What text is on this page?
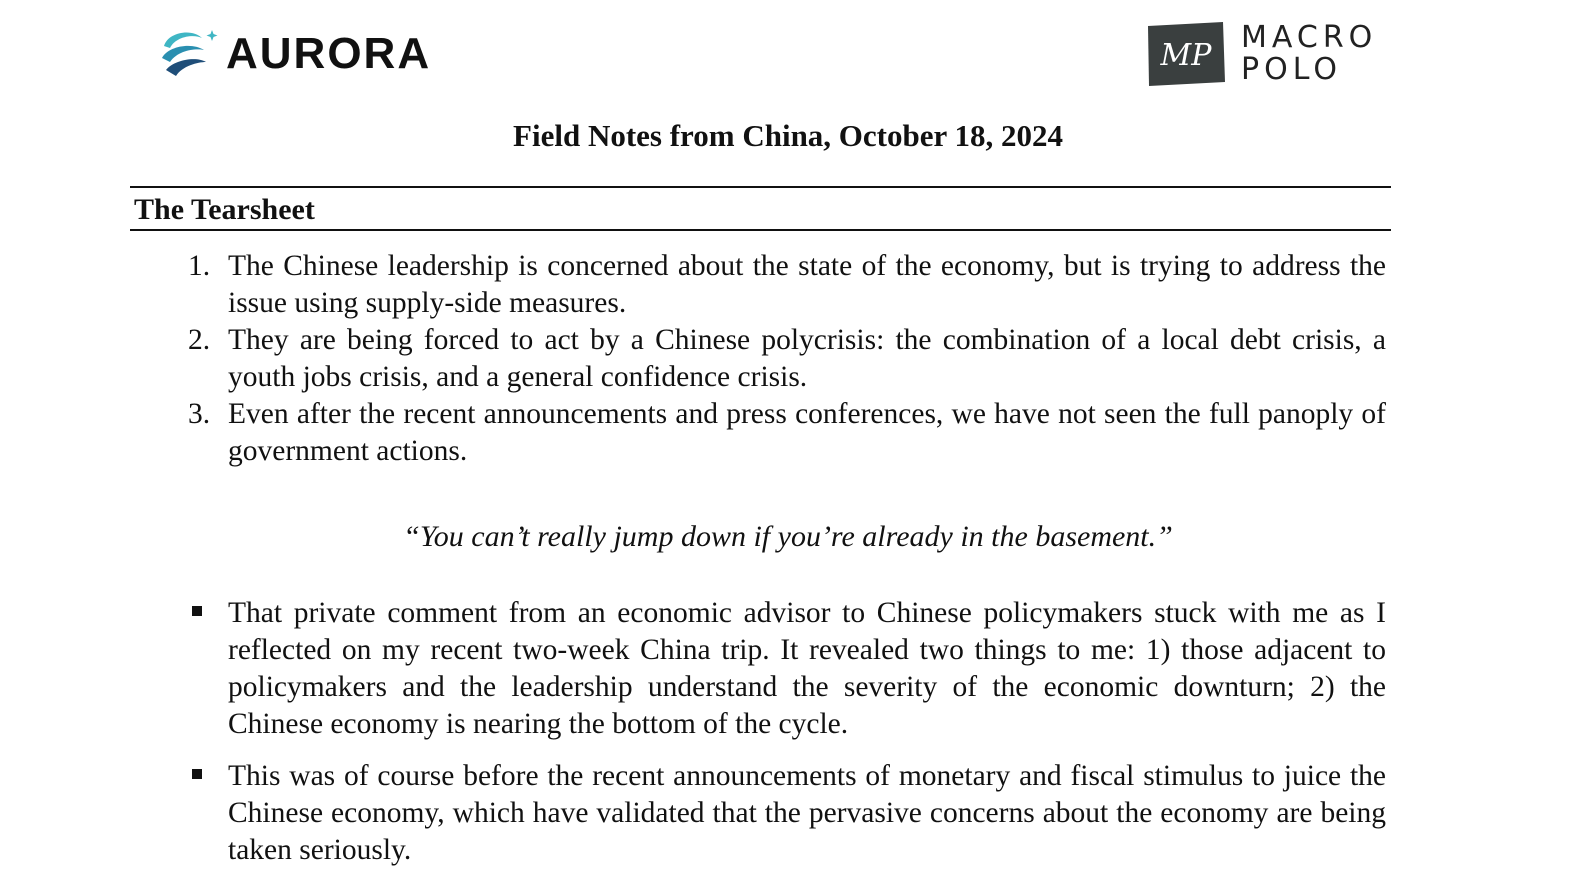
AURORA	MP
MACRO
POLO
Field Notes from China, October 18, 2024
The Tearsheet
1. The Chinese leadership is concerned about the state of the economy, but is trying to address the issue using supply-side measures.
2. They are being forced to act by a Chinese polycrisis: the combination of a local debt crisis, a youth jobs crisis, and a general confidence crisis.
3. Even after the recent announcements and press conferences, we have not seen the full panoply of government actions.
“You can’t really jump down if you’re already in the basement.”
That private comment from an economic advisor to Chinese policymakers stuck with me as I reflected on my recent two-week China trip. It revealed two things to me: 1) those adjacent to policymakers and the leadership understand the severity of the economic downturn; 2) the Chinese economy is nearing the bottom of the cycle.
This was of course before the recent announcements of monetary and fiscal stimulus to juice the Chinese economy, which have validated that the pervasive concerns about the economy are being taken seriously.
